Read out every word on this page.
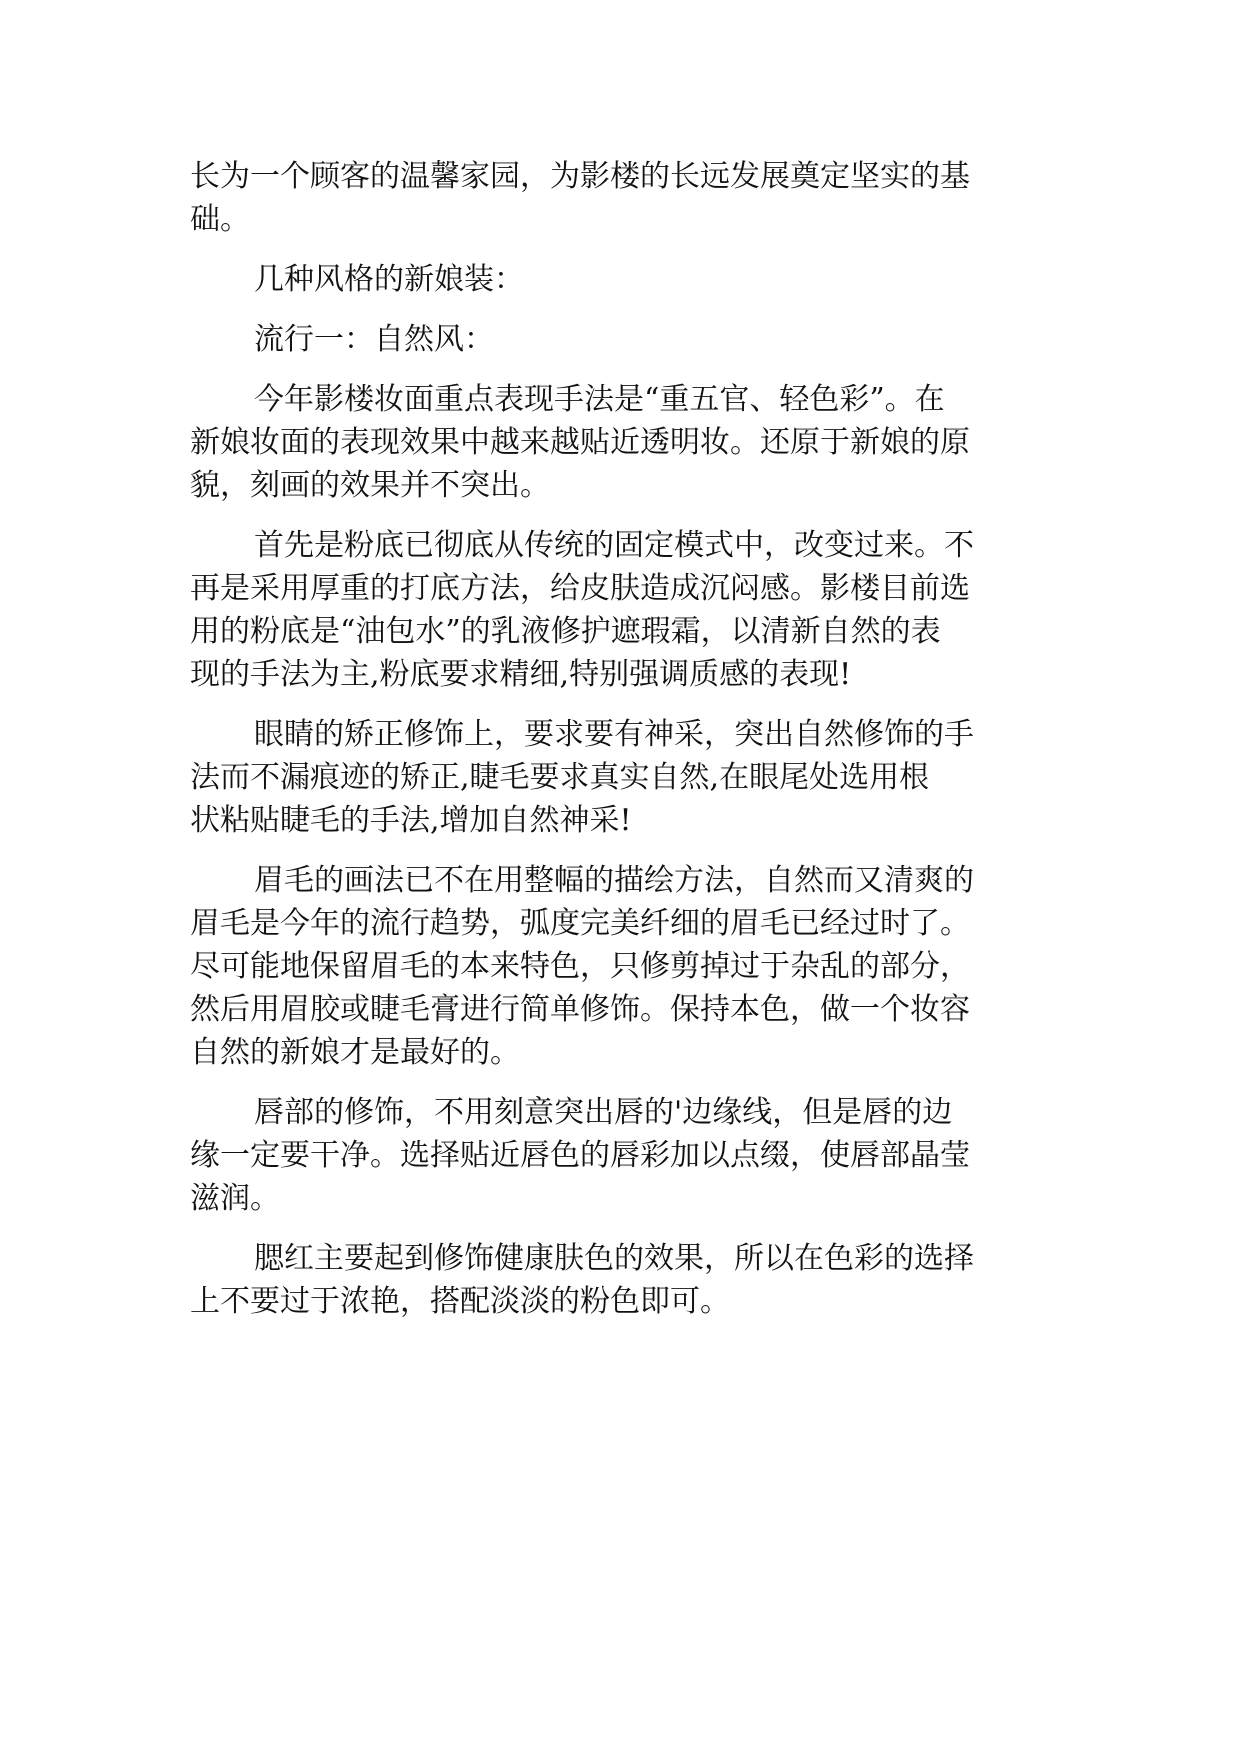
长为一个顾客的温馨家园，为影楼的长远发展奠定坚实的基
础。
几种风格的新娘装：
流行一：自然风：
今年影楼妆面重点表现手法是“重五官、轻色彩”。在
新娘妆面的表现效果中越来越贴近透明妆。还原于新娘的原
貌，刻画的效果并不突出。
首先是粉底已彻底从传统的固定模式中，改变过来。不
再是采用厚重的打底方法，给皮肤造成沉闷感。影楼目前选
用的粉底是“油包水”的乳液修护遮瑕霜，以清新自然的表
现的手法为主,粉底要求精细,特别强调质感的表现!
眼睛的矫正修饰上，要求要有神采，突出自然修饰的手
法而不漏痕迹的矫正,睫毛要求真实自然,在眼尾处选用根
状粘贴睫毛的手法,增加自然神采!
眉毛的画法已不在用整幅的描绘方法，自然而又清爽的
眉毛是今年的流行趋势，弧度完美纤细的眉毛已经过时了。
尽可能地保留眉毛的本来特色，只修剪掉过于杂乱的部分，
然后用眉胶或睫毛膏进行简单修饰。保持本色，做一个妆容
自然的新娘才是最好的。
唇部的修饰，不用刻意突出唇的'边缘线，但是唇的边
缘一定要干净。选择贴近唇色的唇彩加以点缀，使唇部晶莹
滋润。
腮红主要起到修饰健康肤色的效果，所以在色彩的选择
上不要过于浓艳，搭配淡淡的粉色即可。
